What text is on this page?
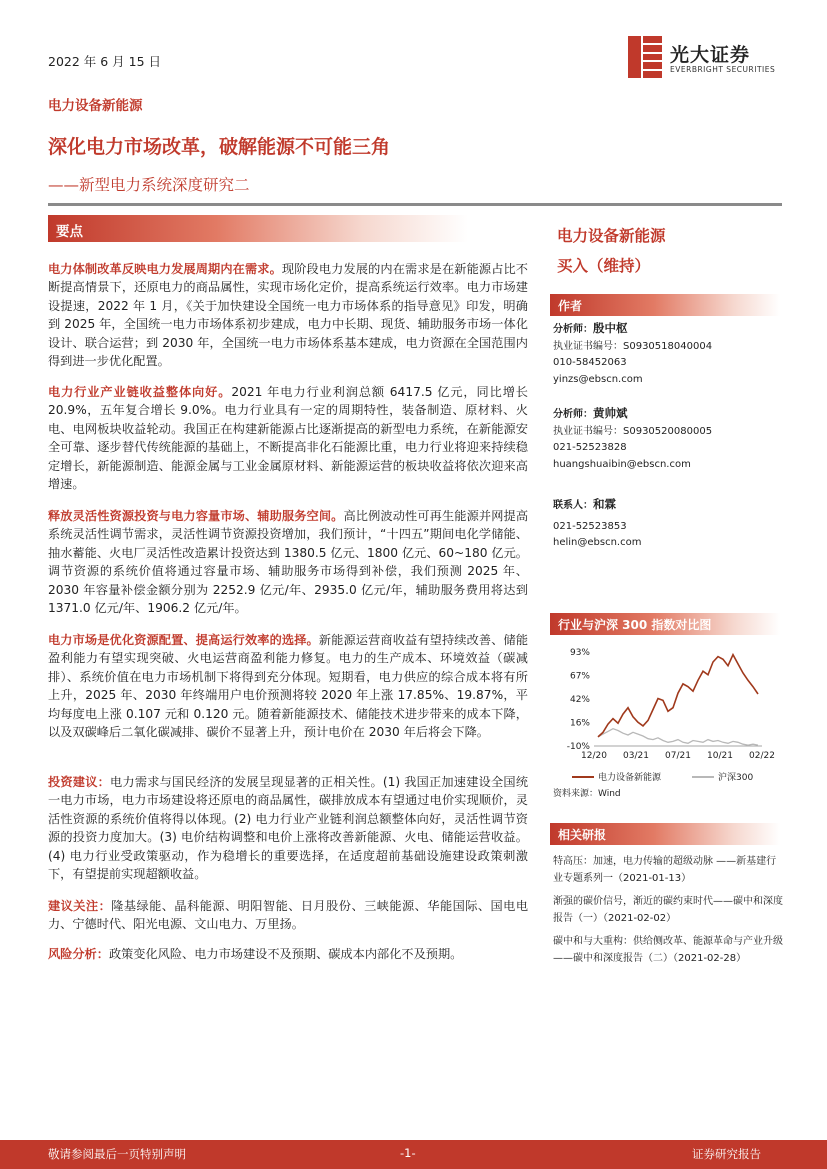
2022 年 6 月 15 日	光大证券
EVERBRIGHT SECURITIES
电力设备新能源
深化电力市场改革，破解能源不可能三角
——新型电力系统深度研究二
要点
电力体制改革反映电力发展周期内在需求。现阶段电力发展的内在需求是在新能源占比不断提高情景下，还原电力的商品属性，实现市场化定价，提高系统运行效率。电力市场建设提速，2022 年 1 月，《关于加快建设全国统一电力市场体系的指导意见》印发，明确到 2025 年，全国统一电力市场体系初步建成，电力中长期、现货、辅助服务市场一体化设计、联合运营；到 2030 年，全国统一电力市场体系基本建成，电力资源在全国范围内得到进一步优化配置。
电力行业产业链收益整体向好。2021 年电力行业利润总额 6417.5 亿元，同比增长 20.9%，五年复合增长 9.0%。电力行业具有一定的周期特性，装备制造、原材料、火电、电网板块收益轮动。我国正在构建新能源占比逐渐提高的新型电力系统，在新能源安全可靠、逐步替代传统能源的基础上，不断提高非化石能源比重，电力行业将迎来持续稳定增长，新能源制造、能源金属与工业金属原材料、新能源运营的板块收益将依次迎来高增速。
释放灵活性资源投资与电力容量市场、辅助服务空间。高比例波动性可再生能源并网提高系统灵活性调节需求，灵活性调节资源投资增加，我们预计，“十四五”期间电化学储能、抽水蓄能、火电厂灵活性改造累计投资达到 1380.5 亿元、1800 亿元、60~180 亿元。调节资源的系统价值将通过容量市场、辅助服务市场得到补偿，我们预测 2025 年、2030 年容量补偿金额分别为 2252.9 亿元/年、2935.0 亿元/年，辅助服务费用将达到 1371.0 亿元/年、1906.2 亿元/年。
电力市场是优化资源配置、提高运行效率的选择。新能源运营商收益有望持续改善、储能盈利能力有望实现突破、火电运营商盈利能力修复。电力的生产成本、环境效益（碳减排）、系统价值在电力市场机制下将得到充分体现。短期看，电力供应的综合成本将有所上升，2025 年、2030 年终端用户电价预测将较 2020 年上涨 17.85%、19.87%，平均每度电上涨 0.107 元和 0.120 元。随着新能源技术、储能技术进步带来的成本下降，以及双碳峰后二氧化碳减排、碳价不显著上升，预计电价在 2030 年后将会下降。
投资建议：电力需求与国民经济的发展呈现显著的正相关性。(1) 我国正加速建设全国统一电力市场，电力市场建设将还原电的商品属性，碳排放成本有望通过电价实现顺价，灵活性资源的系统价值将得以体现。(2) 电力行业产业链利润总额整体向好，灵活性调节资源的投资力度加大。(3) 电价结构调整和电价上涨将改善新能源、火电、储能运营收益。(4) 电力行业受政策驱动，作为稳增长的重要选择，在适度超前基础设施建设政策刺激下，有望提前实现超额收益。
建议关注：隆基绿能、晶科能源、明阳智能、日月股份、三峡能源、华能国际、国电电力、宁德时代、阳光电源、文山电力、万里扬。
风险分析：政策变化风险、电力市场建设不及预期、碳成本内部化不及预期。
电力设备新能源
买入（维持）
作者
分析师：殷中枢
执业证书编号：S0930518040004
010-58452063
yinzs@ebscn.com
分析师：黄帅斌
执业证书编号：S0930520080005
021-52523828
huangshuaibin@ebscn.com
联系人：和霖
021-52523853
helin@ebscn.com
行业与沪深 300 指数对比图
93%
67%
42%
16%
-10%
12/20 03/21 07/21 10/21 02/22
电力设备新能源	沪深300
资料来源：Wind
相关研报
特高压：加速，电力传输的超级动脉 ——新基建行业专题系列一（2021-01-13）
渐强的碳价信号，渐近的碳约束时代——碳中和深度报告（一）（2021-02-02）
碳中和与大重构：供给侧改革、能源革命与产业升级——碳中和深度报告（二）（2021-02-28）
敬请参阅最后一页特别声明	-1-	证券研究报告
